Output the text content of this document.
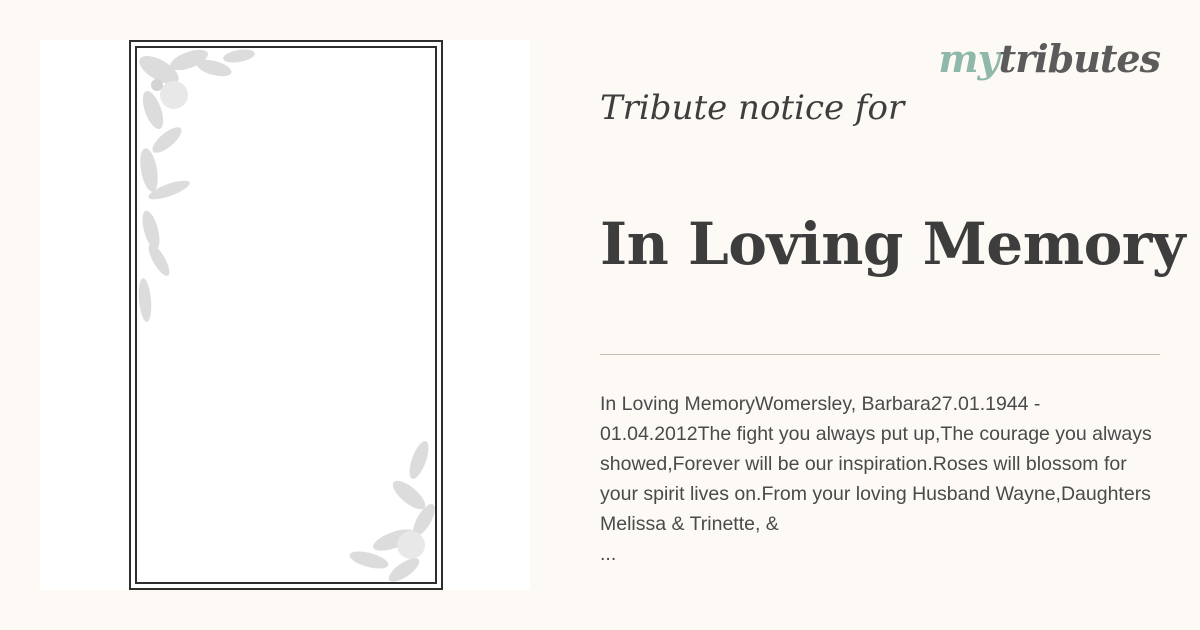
mytributes
Tribute notice for
In Loving Memory
In Loving MemoryWomersley, Barbara27.01.1944 - 01.04.2012The fight you always put up,The courage you always showed,Forever will be our inspiration.Roses will blossom for your spirit lives on.From your loving Husband Wayne,Daughters Melissa & Trinette, &
...
